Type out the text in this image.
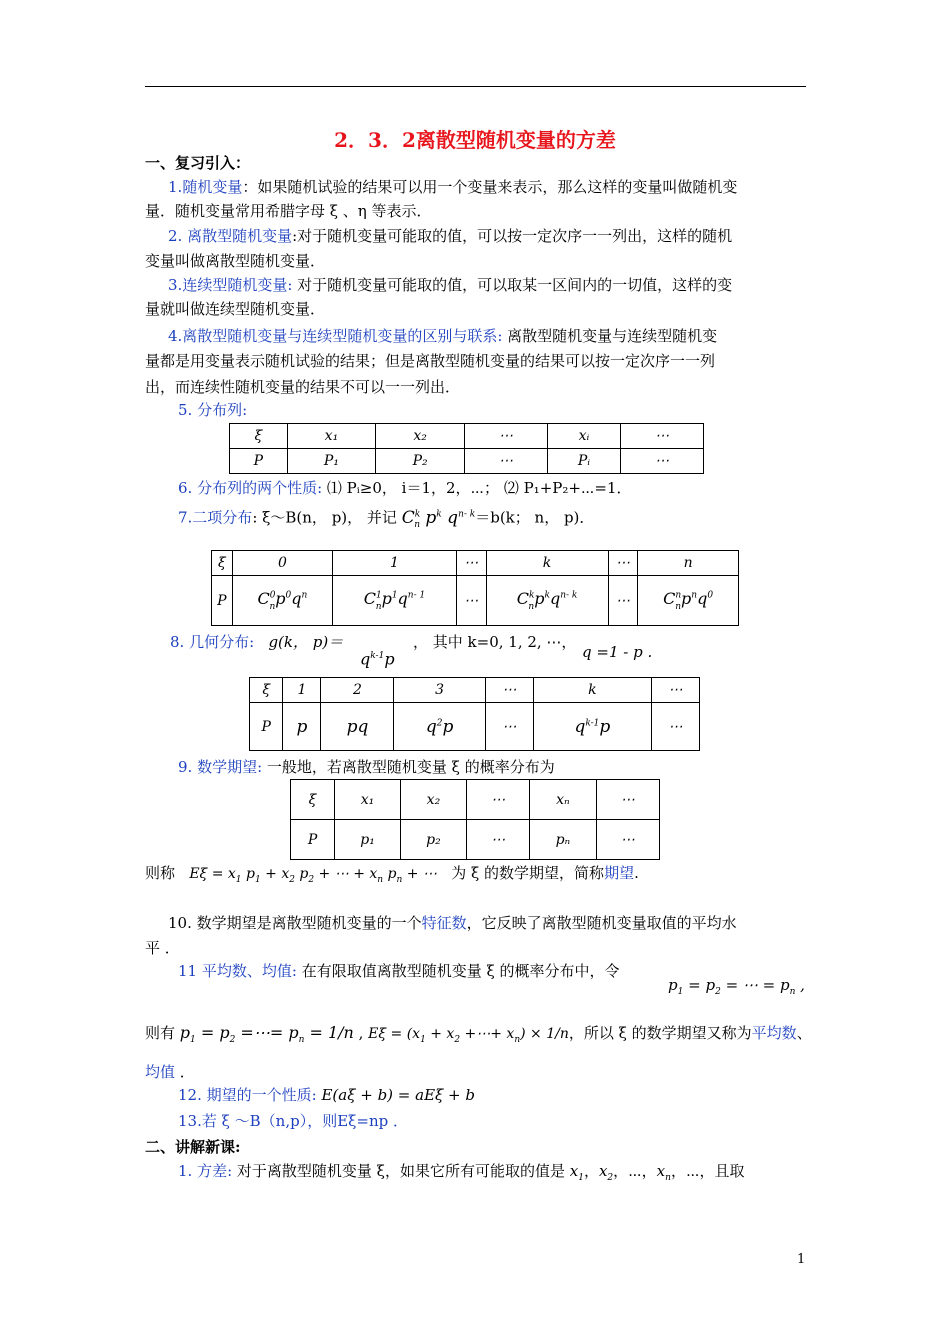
2．3．2离散型随机变量的方差
一、复习引入：
1.随机变量：如果随机试验的结果可以用一个变量来表示，那么这样的变量叫做随机变
量．随机变量常用希腊字母 ξ 、η 等表示．
2. 离散型随机变量:对于随机变量可能取的值，可以按一定次序一一列出，这样的随机
变量叫做离散型随机变量．
3.连续型随机变量: 对于随机变量可能取的值，可以取某一区间内的一切值，这样的变
量就叫做连续型随机变量．
4.离散型随机变量与连续型随机变量的区别与联系: 离散型随机变量与连续型随机变
量都是用变量表示随机试验的结果；但是离散型随机变量的结果可以按一定次序一一列
出，而连续性随机变量的结果不可以一一列出．
5. 分布列:
ξ	x₁	x₂	⋯	xᵢ	⋯
P	P₁	P₂	⋯	Pᵢ	⋯
6. 分布列的两个性质: ⑴ Pᵢ≥0， i＝1，2，⋯； ⑵ P₁+P₂+⋯=1．
7.二项分布: ξ～B(n， p)， 并记 $C^k_n$ $p^k$ $q^{n- k}=b(k$； n， p)．
ξ	0	1	⋯	k	⋯	n
P	$C^0_np^0q^n$	$C^1_np^1q^{n- 1}$	⋯	$C^k_np^kq^{n- k}$	⋯	$C^n_np^nq^0$
8. 几何分布: g(k， p)＝
$q^{k-1}p$
， 其中 k=0, 1, 2, ⋯，
q =1 - p .
ξ	1	2	3	⋯	k	⋯
P	p	pq	$q^2p$	⋯	$q^{k-1}p$	⋯
9. 数学期望: 一般地，若离散型随机变量 ξ 的概率分布为
ξ	x₁	x₂	⋯	xₙ	⋯
P	p₁	p₂	⋯	pₙ	⋯
则称 $E\xi = x_1$ $p_1 + x_2$ $p_2$ + ⋯ + $x_n$ $p_n$ + ⋯ 为 ξ 的数学期望，简称期望.
10. 数学期望是离散型随机变量的一个特征数，它反映了离散型随机变量取值的平均水
平 ．
11 平均数、均值: 在有限取值离散型随机变量 ξ 的概率分布中，令
$p_1 = p_2$ = ⋯ = $p_n$ ,
则有 $p_1 = p_2$ =⋯= $p_n = 1/n$ , $E\xi = (x_1 + x_2$ +⋯+ $x_n) \times 1/n$，所以 ξ 的数学期望又称为平均数、
均值 ．
12. 期望的一个性质: E(aξ + b) = aEξ + b
13.若 ξ ～B（n,p），则Eξ=np ．
二、讲解新课:
1. 方差: 对于离散型随机变量 ξ，如果它所有可能取的值是 $x_1$，$x_2$，⋯，$x_n$，⋯，且取
1
